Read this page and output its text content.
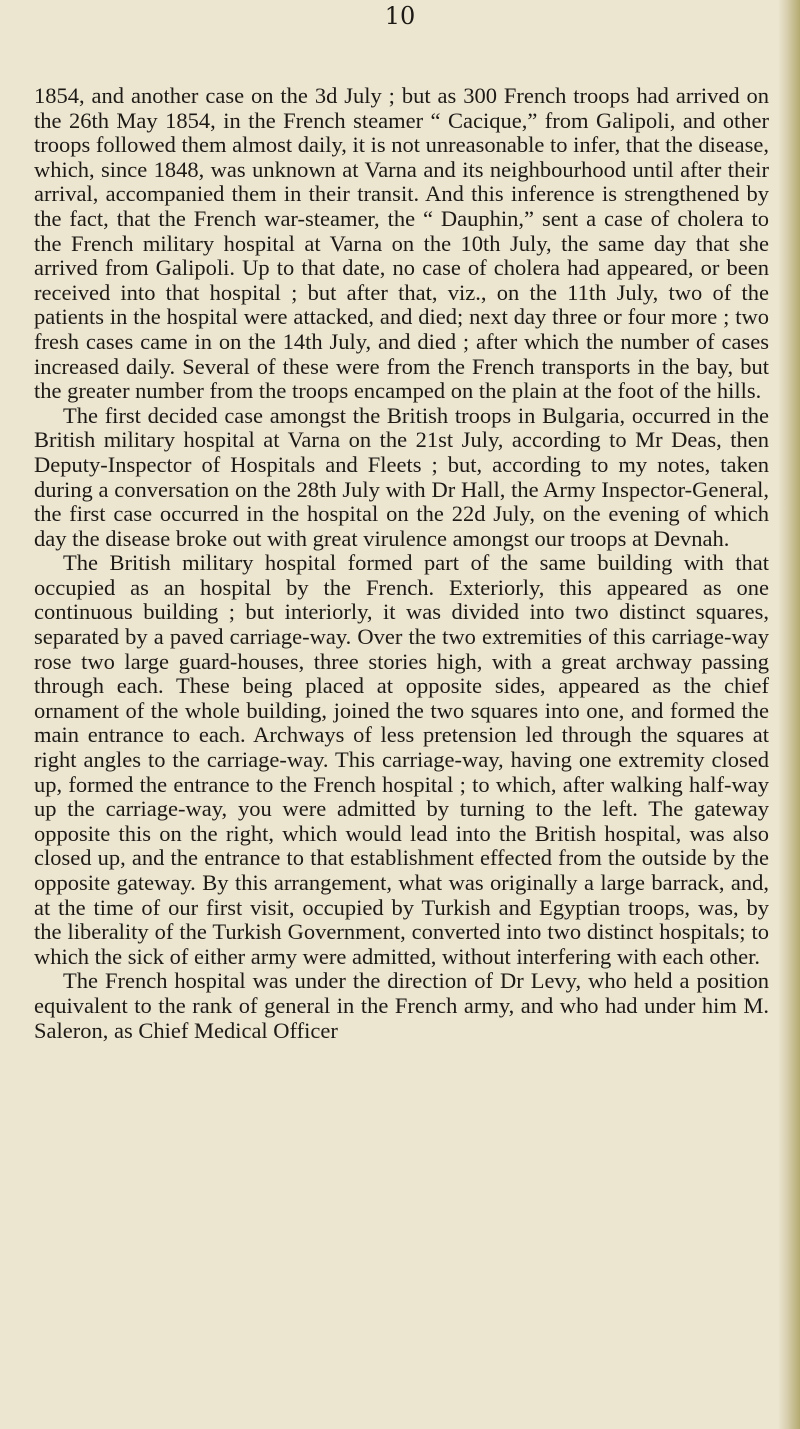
10

1854, and another case on the 3d July ; but as 300 French troops had arrived on the 26th May 1854, in the French steamer “ Cacique,” from Galipoli, and other troops followed them almost daily, it is not unreasonable to infer, that the disease, which, since 1848, was unknown at Varna and its neighbourhood until after their arrival, accompanied them in their transit. And this inference is strengthened by the fact, that the French war-steamer, the “ Dauphin,” sent a case of cholera to the French military hospital at Varna on the 10th July, the same day that she arrived from Galipoli. Up to that date, no case of cholera had appeared, or been received into that hospital ; but after that, viz., on the 11th July, two of the patients in the hospital were attacked, and died; next day three or four more ; two fresh cases came in on the 14th July, and died ; after which the number of cases increased daily. Several of these were from the French transports in the bay, but the greater number from the troops encamped on the plain at the foot of the hills.

The first decided case amongst the British troops in Bulgaria, occurred in the British military hospital at Varna on the 21st July, according to Mr Deas, then Deputy-Inspector of Hospitals and Fleets ; but, according to my notes, taken during a conversation on the 28th July with Dr Hall, the Army Inspector-General, the first case occurred in the hospital on the 22d July, on the evening of which day the disease broke out with great virulence amongst our troops at Devnah.

The British military hospital formed part of the same building with that occupied as an hospital by the French. Exteriorly, this appeared as one continuous building ; but interiorly, it was divided into two distinct squares, separated by a paved carriage-way. Over the two extremities of this carriage-way rose two large guard-houses, three stories high, with a great archway passing through each. These being placed at opposite sides, appeared as the chief ornament of the whole building, joined the two squares into one, and formed the main entrance to each. Archways of less pretension led through the squares at right angles to the carriage-way. This carriage-way, having one extremity closed up, formed the entrance to the French hospital ; to which, after walking half-way up the carriage-way, you were admitted by turning to the left. The gateway opposite this on the right, which would lead into the British hospital, was also closed up, and the entrance to that establishment effected from the outside by the opposite gateway. By this arrangement, what was originally a large barrack, and, at the time of our first visit, occupied by Turkish and Egyptian troops, was, by the liberality of the Turkish Government, converted into two distinct hospitals; to which the sick of either army were admitted, without interfering with each other.

The French hospital was under the direction of Dr Levy, who held a position equivalent to the rank of general in the French army, and who had under him M. Saleron, as Chief Medical Officer
